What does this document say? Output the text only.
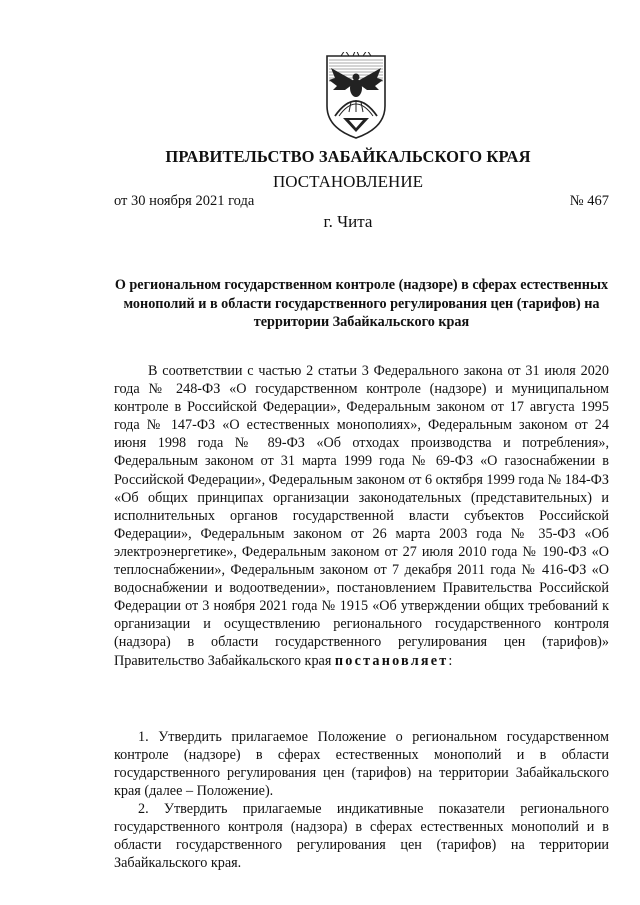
ПРАВИТЕЛЬСТВО ЗАБАЙКАЛЬСКОГО КРАЯ
ПОСТАНОВЛЕНИЕ
от 30 ноября 2021 года	№ 467
г. Чита
О региональном государственном контроле (надзоре) в сферах естественных монополий и в области государственного регулирования цен (тарифов) на территории Забайкальского края
В соответствии с частью 2 статьи 3 Федерального закона от 31 июля 2020 года № 248-ФЗ «О государственном контроле (надзоре) и муниципальном контроле в Российской Федерации», Федеральным законом от 17 августа 1995 года № 147-ФЗ «О естественных монополиях», Федеральным законом от 24 июня 1998 года № 89-ФЗ «Об отходах производства и потребления», Федеральным законом от 31 марта 1999 года № 69-ФЗ «О газоснабжении в Российской Федерации», Федеральным законом от 6 октября 1999 года № 184-ФЗ «Об общих принципах организации законодательных (представительных) и исполнительных органов государственной власти субъектов Российской Федерации», Федеральным законом от 26 марта 2003 года № 35-ФЗ «Об электроэнергетике», Федеральным законом от 27 июля 2010 года № 190-ФЗ «О теплоснабжении», Федеральным законом от 7 декабря 2011 года № 416-ФЗ «О водоснабжении и водоотведении», постановлением Правительства Российской Федерации от 3 ноября 2021 года № 1915 «Об утверждении общих требований к организации и осуществлению регионального государственного контроля (надзора) в области государственного регулирования цен (тарифов)» Правительство Забайкальского края постановляет:
1. Утвердить прилагаемое Положение о региональном государственном контроле (надзоре) в сферах естественных монополий и в области государственного регулирования цен (тарифов) на территории Забайкальского края (далее – Положение).
2. Утвердить прилагаемые индикативные показатели регионального государственного контроля (надзора) в сферах естественных монополий и в области государственного регулирования цен (тарифов) на территории Забайкальского края.
